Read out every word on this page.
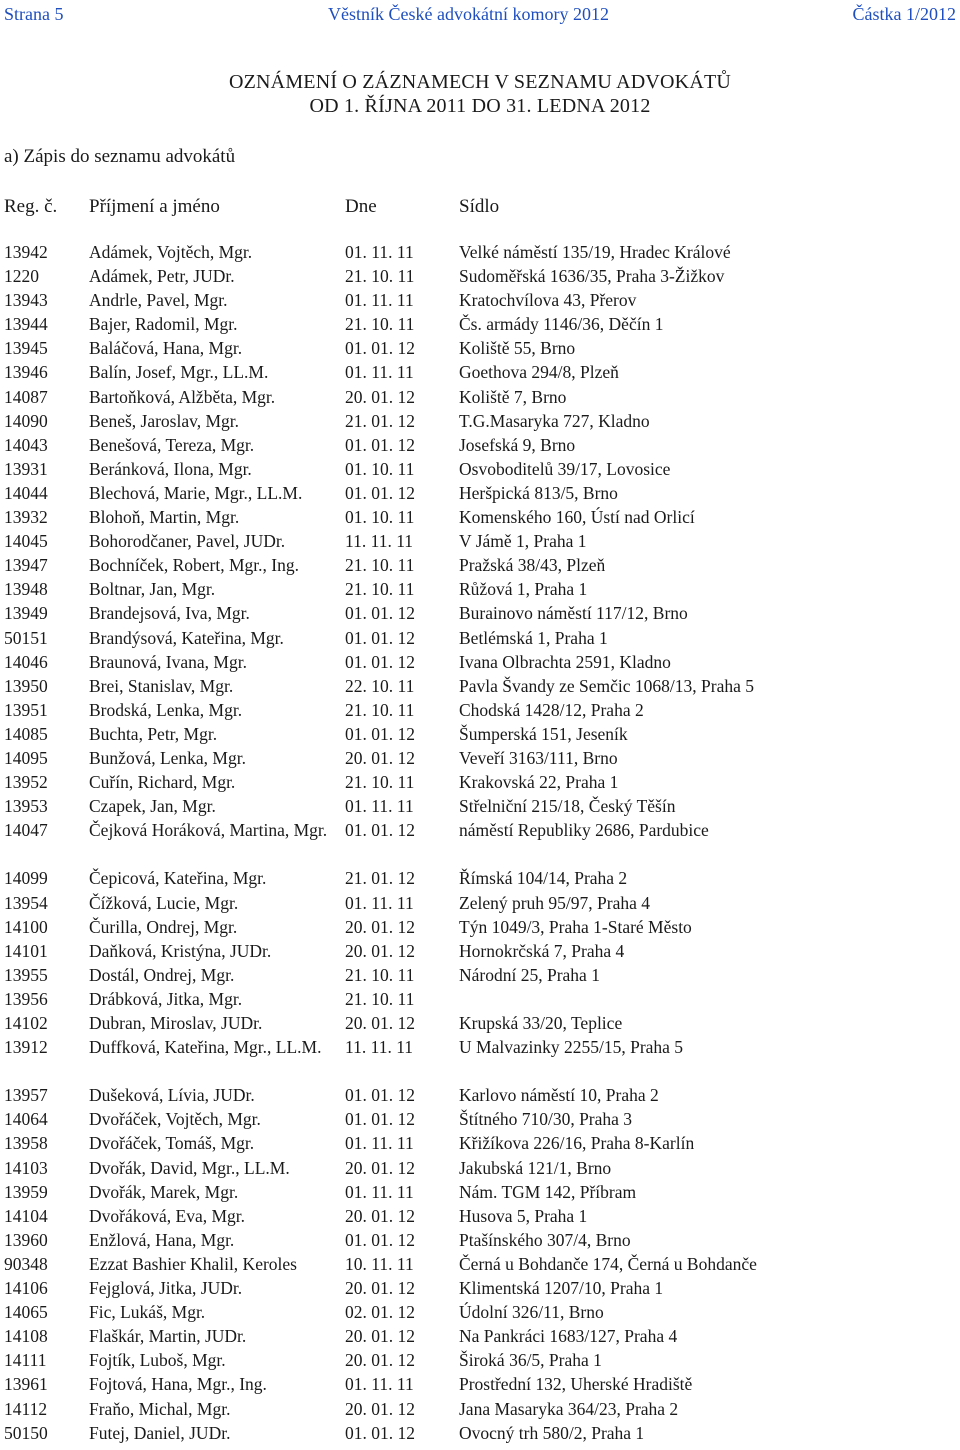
Strana 5	Věstník České advokátní komory 2012	Částka 1/2012
OZNÁMENÍ O ZÁZNAMECH V SEZNAMU ADVOKÁTŮ
OD 1. ŘÍJNA 2011 DO 31. LEDNA 2012
a) Zápis do seznamu advokátů
Reg. č. Příjmení a jméno	Dne	Sídlo
13942 Adámek, Vojtěch, Mgr.	01. 11. 11	Velké náměstí 135/19, Hradec Králové
1220	Adámek, Petr, JUDr.	21. 10. 11	Sudoměřská 1636/35, Praha 3-Žižkov
13943 Andrle, Pavel, Mgr.	01. 11. 11	Kratochvílova 43, Přerov
13944 Bajer, Radomil, Mgr.	21. 10. 11	Čs. armády 1146/36, Děčín 1
13945 Baláčová, Hana, Mgr.	01. 01. 12	Koliště 55, Brno
13946 Balín, Josef, Mgr., LL.M.	01. 11. 11	Goethova 294/8, Plzeň
14087 Bartoňková, Alžběta, Mgr.	20. 01. 12	Koliště 7, Brno
14090 Beneš, Jaroslav, Mgr.	21. 01. 12	T.G.Masaryka 727, Kladno
14043 Benešová, Tereza, Mgr.	01. 01. 12	Josefská 9, Brno
13931 Beránková, Ilona, Mgr.	01. 10. 11	Osvoboditelů 39/17, Lovosice
14044 Blechová, Marie, Mgr., LL.M. 01. 01. 12	Heršpická 813/5, Brno
13932 Blohoň, Martin, Mgr.	01. 10. 11	Komenského 160, Ústí nad Orlicí
14045 Bohorodčaner, Pavel, JUDr.	11. 11. 11	V Jámě 1, Praha 1
13947 Bochníček, Robert, Mgr., Ing.	21. 10. 11	Pražská 38/43, Plzeň
13948 Boltnar, Jan, Mgr.	21. 10. 11	Růžová 1, Praha 1
13949 Brandejsová, Iva, Mgr.	01. 01. 12	Burainovo náměstí 117/12, Brno
50151 Brandýsová, Kateřina, Mgr.	01. 01. 12	Betlémská 1, Praha 1
14046 Braunová, Ivana, Mgr.	01. 01. 12	Ivana Olbrachta 2591, Kladno
13950 Brei, Stanislav, Mgr.	22. 10. 11	Pavla Švandy ze Semčic 1068/13, Praha 5
13951 Brodská, Lenka, Mgr.	21. 10. 11	Chodská 1428/12, Praha 2
14085 Buchta, Petr, Mgr.	01. 01. 12	Šumperská 151, Jeseník
14095 Bunžová, Lenka, Mgr.	20. 01. 12	Veveří 3163/111, Brno
13952 Cuřín, Richard, Mgr.	21. 10. 11	Krakovská 22, Praha 1
13953 Czapek, Jan, Mgr.	01. 11. 11	Střelniční 215/18, Český Těšín
14047 Čejková Horáková, Martina, Mgr. 01. 01. 12	náměstí Republiky 2686, Pardubice
14099 Čepicová, Kateřina, Mgr.	21. 01. 12	Římská 104/14, Praha 2
13954 Čížková, Lucie, Mgr.	01. 11. 11	Zelený pruh 95/97, Praha 4
14100 Čurilla, Ondrej, Mgr.	20. 01. 12	Týn 1049/3, Praha 1-Staré Město
14101 Daňková, Kristýna, JUDr.	20. 01. 12	Hornokrčská 7, Praha 4
13955 Dostál, Ondrej, Mgr.	21. 10. 11	Národní 25, Praha 1
13956 Drábková, Jitka, Mgr.	21. 10. 11
14102 Dubran, Miroslav, JUDr.	20. 01. 12	Krupská 33/20, Teplice
13912 Duffková, Kateřina, Mgr., LL.M.	11. 11. 11	U Malvazinky 2255/15, Praha 5
13957 Dušeková, Lívia, JUDr.	01. 01. 12	Karlovo náměstí 10, Praha 2
14064 Dvořáček, Vojtěch, Mgr.	01. 01. 12	Štítného 710/30, Praha 3
13958 Dvořáček, Tomáš, Mgr.	01. 11. 11	Křižíkova 226/16, Praha 8-Karlín
14103 Dvořák, David, Mgr., LL.M.	20. 01. 12	Jakubská 121/1, Brno
13959 Dvořák, Marek, Mgr.	01. 11. 11	Nám. TGM 142, Příbram
14104 Dvořáková, Eva, Mgr.	20. 01. 12	Husova 5, Praha 1
13960 Enžlová, Hana, Mgr.	01. 01. 12	Ptašínského 307/4, Brno
90348 Ezzat Bashier Khalil, Keroles	10. 11. 11	Černá u Bohdanče 174, Černá u Bohdanče
14106 Fejglová, Jitka, JUDr.	20. 01. 12	Klimentská 1207/10, Praha 1
14065 Fic, Lukáš, Mgr.	02. 01. 12	Údolní 326/11, Brno
14108 Flaškár, Martin, JUDr.	20. 01. 12	Na Pankráci 1683/127, Praha 4
14111 Fojtík, Luboš, Mgr.	20. 01. 12	Široká 36/5, Praha 1
13961 Fojtová, Hana, Mgr., Ing.	01. 11. 11	Prostřední 132, Uherské Hradiště
14112 Fraňo, Michal, Mgr.	20. 01. 12	Jana Masaryka 364/23, Praha 2
50150 Futej, Daniel, JUDr.	01. 01. 12	Ovocný trh 580/2, Praha 1
